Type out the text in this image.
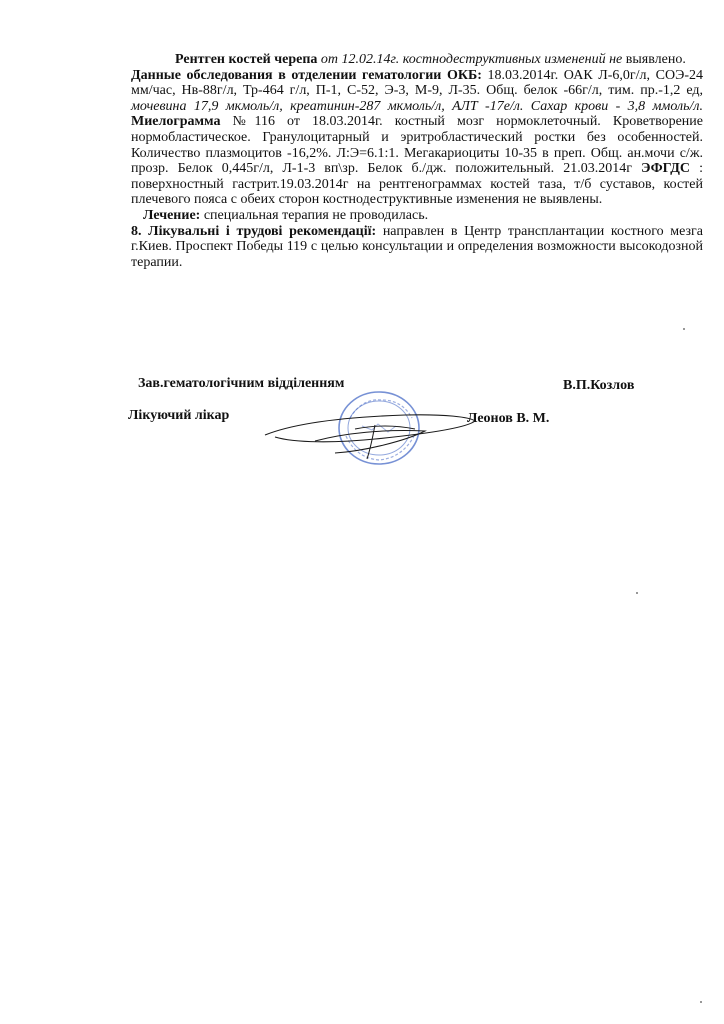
Рентген костей черепа от 12.02.14г. костнодеструктивных изменений не выявлено.

Данные обследования в отделении гематологии ОКБ: 18.03.2014г. ОАК Л-6,0г/л, СОЭ-24 мм/час, Нв-88г/л, Тр-464 г/л, П-1, С-52, Э-3, М-9, Л-35. Общ. белок -66г/л, тим. пр.-1,2 ед, мочевина 17,9 мкмоль/л, креатинин-287 мкмоль/л, АЛТ -17е/л. Сахар крови - 3,8 ммоль/л. Миелограмма №116 от 18.03.2014г. костный мозг нормоклеточный. Кроветворение нормобластическое. Гранулоцитарный и эритробластический ростки без особенностей. Количество плазмоцитов -16,2%. Л:Э=6.1:1. Мегакариоциты 10-35 в преп. Общ. ан.мочи с/ж. прозр. Белок 0,445г/л, Л-1-3 вп\зр. Белок б./дж. положительный. 21.03.2014г ЭФГДС : поверхностный гастрит.19.03.2014г на рентгенограммах костей таза, т/б суставов, костей плечевого пояса с обеих сторон костнодеструктивные изменения не выявлены.

Лечение: специальная терапия не проводилась.

8. Лікувальні і трудові рекомендації: направлен в Центр трансплантации костного мезга г.Киев. Проспект Победы 119 с целью консультации и определения возможности высокодозной терапии.

Зав.гематологічним відділенням	В.П.Козлов
Лікуючий лікар	Леонов В. М.
